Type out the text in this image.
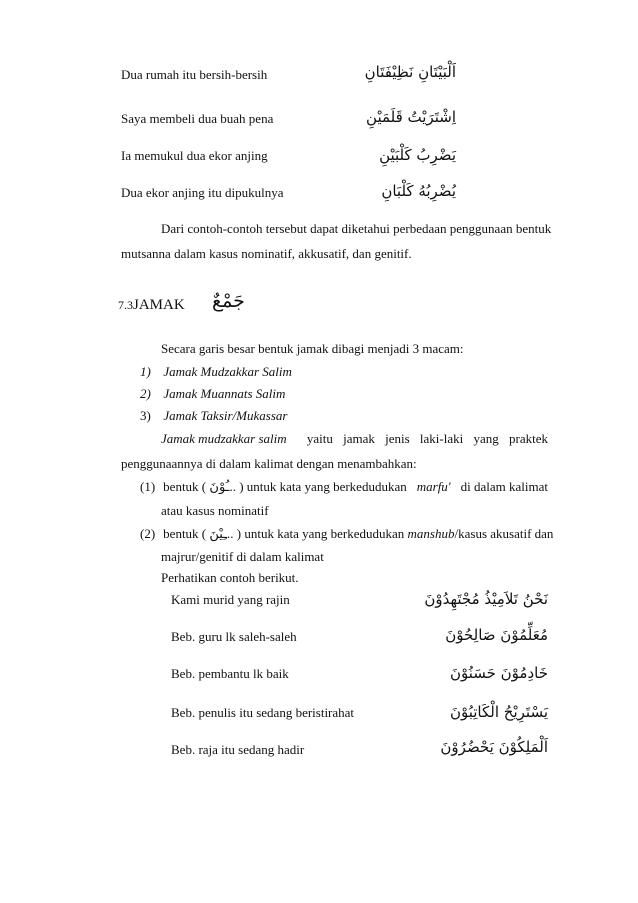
Dua rumah itu bersih-bersih	اَلْبَيْتَانِ نَظِيْفَتَانِ
Saya membeli dua buah pena	اِشْتَرَيْتُ قَلَمَيْنِ
Ia memukul dua ekor anjing	يَضْرِبُ كَلْبَيْنِ
Dua ekor anjing itu dipukulnya	يُضْرِبُهُ كَلْبَانِ
Dari contoh-contoh tersebut dapat diketahui perbedaan penggunaan bentuk
mutsanna dalam kasus nominatif, akkusatif, dan genitif.
7.3JAMAK جَمْعٌ
Secara garis besar bentuk jamak dibagi menjadi 3 macam:
1) Jamak Mudzakkar Salim
2) Jamak Muannats Salim
3) Jamak Taksir/Mukassar
Jamak mudzakkar salim yaitu jamak jenis laki-laki yang praktek
penggunaannya di dalam kalimat dengan menambahkan:
(1) bentuk ( ـُوْنَ.. ) untuk kata yang berkedudukan marfu' di dalam kalimat
atau kasus nominatif
(2) bentuk ( ـِيْنَ.. ) untuk kata yang berkedudukan manshub/kasus akusatif dan
majrur/genitif di dalam kalimat
Perhatikan contoh berikut.
Kami murid yang rajin	نَحْنُ تَلاَمِيْذُ مُجْتَهِدُوْنَ
Beb. guru lk saleh-saleh	مُعَلِّمُوْنَ صَالِحُوْنَ
Beb. pembantu lk baik	خَادِمُوْنَ حَسَنُوْنَ
Beb. penulis itu sedang beristirahat	يَسْتَرِيْحُ الْكَاتِبُوْنَ
Beb. raja itu sedang hadir	اَلْمَلِكُوْنَ يَحْضُرُوْنَ
